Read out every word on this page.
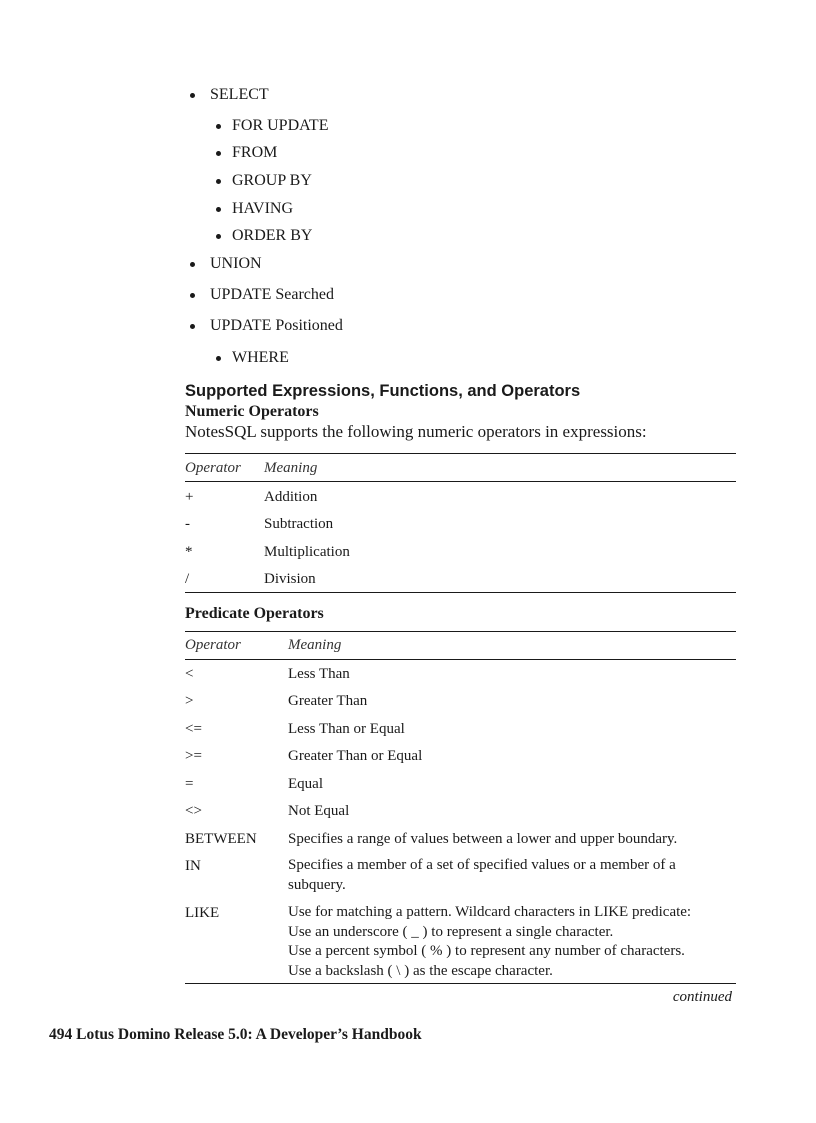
SELECT
FOR UPDATE
FROM
GROUP BY
HAVING
ORDER BY
UNION
UPDATE Searched
UPDATE Positioned
WHERE
Supported Expressions, Functions, and Operators
Numeric Operators
NotesSQL supports the following numeric operators in expressions:
Operator Meaning
+	Addition
-	Subtraction
*	Multiplication
/	Division
Predicate Operators
Operator	Meaning
<	Less Than
>	Greater Than
<=	Less Than or Equal
>=	Greater Than or Equal
=	Equal
<>	Not Equal
BETWEEN Specifies a range of values between a lower and upper boundary.
IN	Specifies a member of a set of specified values or a member of a
subquery.
LIKE	Use for matching a pattern. Wildcard characters in LIKE predicate:
Use an underscore ( _ ) to represent a single character.
Use a percent symbol ( % ) to represent any number of characters.
Use a backslash ( \ ) as the escape character.
continued
494 Lotus Domino Release 5.0: A Developer’s Handbook
